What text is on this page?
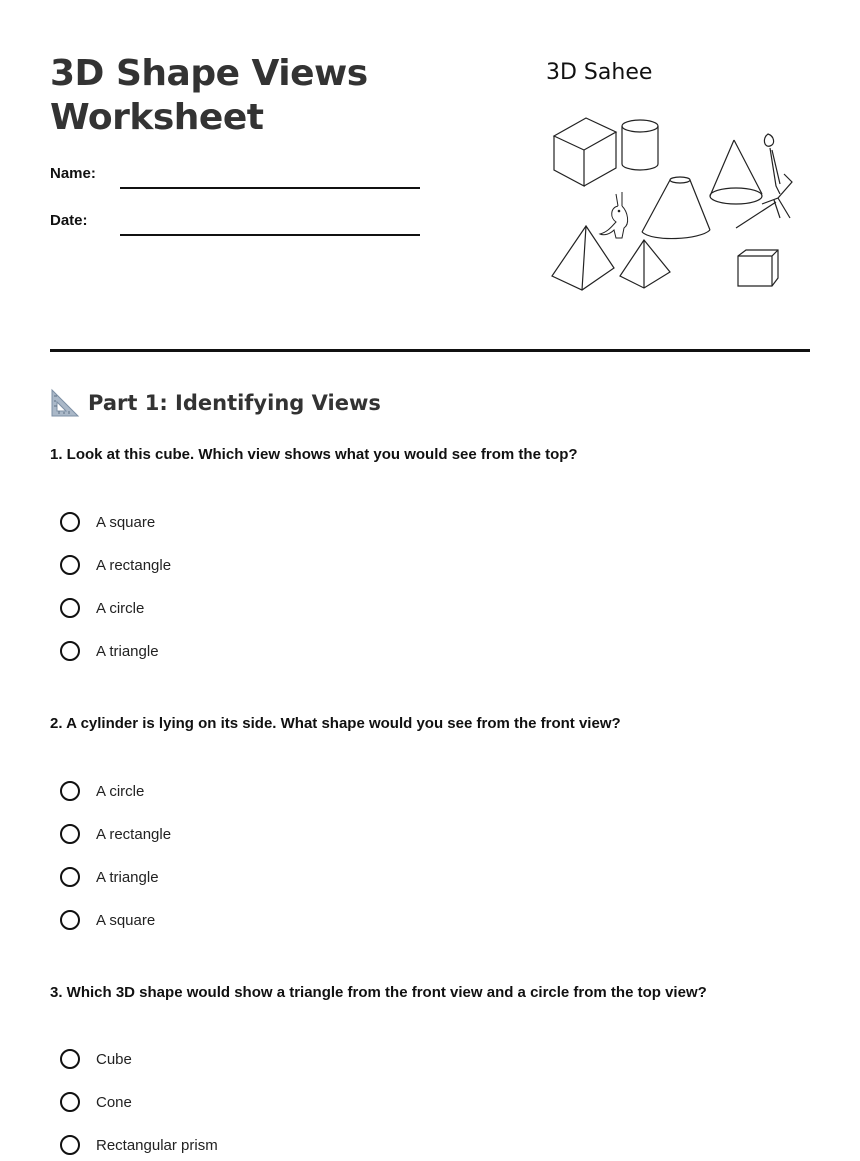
3D Shape Views
Worksheet
Name:
Date:
3D Sahee
Part 1: Identifying Views

1. Look at this cube. Which view shows what you would see from the top?

A square
A rectangle
A circle
A triangle

2. A cylinder is lying on its side. What shape would you see from the front view?

A circle
A rectangle
A triangle
A square

3. Which 3D shape would show a triangle from the front view and a circle from the top view?

Cube
Cone
Rectangular prism
